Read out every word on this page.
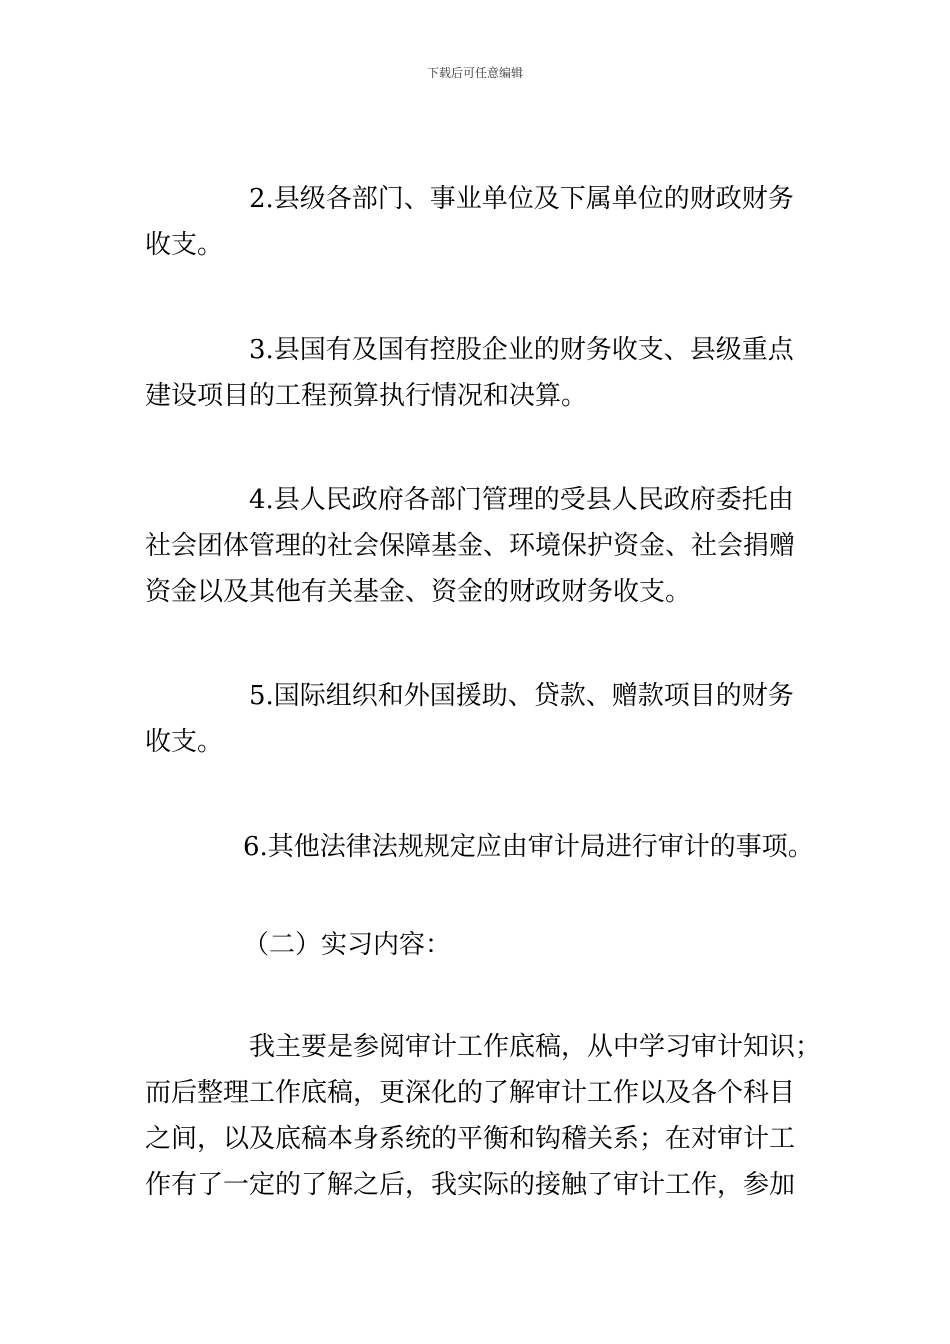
下载后可任意编辑
2.县级各部门、事业单位及下属单位的财政财务
收支。
3.县国有及国有控股企业的财务收支、县级重点
建设项目的工程预算执行情况和决算。
4.县人民政府各部门管理的受县人民政府委托由
社会团体管理的社会保障基金、环境保护资金、社会捐赠
资金以及其他有关基金、资金的财政财务收支。
5.国际组织和外国援助、贷款、赠款项目的财务
收支。
6.其他法律法规规定应由审计局进行审计的事项。
（二）实习内容：
我主要是参阅审计工作底稿，从中学习审计知识；
而后整理工作底稿，更深化的了解审计工作以及各个科目
之间，以及底稿本身系统的平衡和钩稽关系；在对审计工
作有了一定的了解之后，我实际的接触了审计工作，参加
